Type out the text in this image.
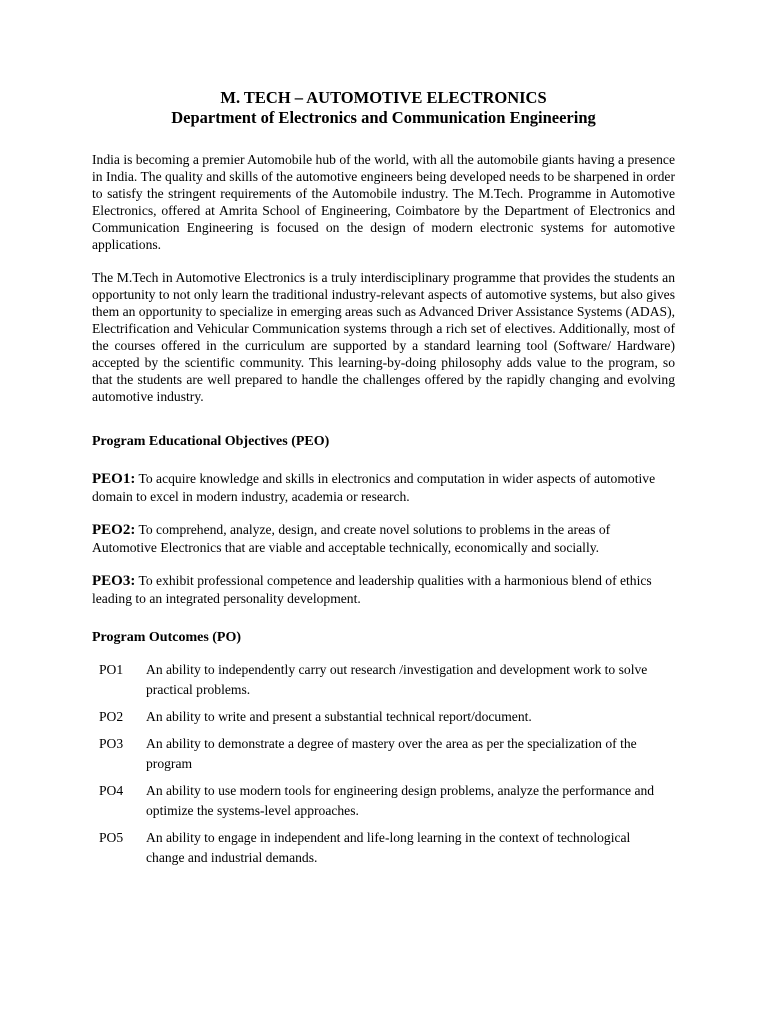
M. TECH – AUTOMOTIVE ELECTRONICS
Department of Electronics and Communication Engineering

India is becoming a premier Automobile hub of the world, with all the automobile giants having a presence in India. The quality and skills of the automotive engineers being developed needs to be sharpened in order to satisfy the stringent requirements of the Automobile industry. The M.Tech. Programme in Automotive Electronics, offered at Amrita School of Engineering, Coimbatore by the Department of Electronics and Communication Engineering is focused on the design of modern electronic systems for automotive applications.

The M.Tech in Automotive Electronics is a truly interdisciplinary programme that provides the students an opportunity to not only learn the traditional industry-relevant aspects of automotive systems, but also gives them an opportunity to specialize in emerging areas such as Advanced Driver Assistance Systems (ADAS), Electrification and Vehicular Communication systems through a rich set of electives. Additionally, most of the courses offered in the curriculum are supported by a standard learning tool (Software/ Hardware) accepted by the scientific community. This learning-by-doing philosophy adds value to the program, so that the students are well prepared to handle the challenges offered by the rapidly changing and evolving automotive industry.

Program Educational Objectives (PEO)
PEO1: To acquire knowledge and skills in electronics and computation in wider aspects of automotive domain to excel in modern industry, academia or research.
PEO2: To comprehend, analyze, design, and create novel solutions to problems in the areas of Automotive Electronics that are viable and acceptable technically, economically and socially.
PEO3: To exhibit professional competence and leadership qualities with a harmonious blend of ethics leading to an integrated personality development.
Program Outcomes (PO)
PO1	An ability to independently carry out research /investigation and development work to solve practical problems.
PO2	An ability to write and present a substantial technical report/document.
PO3	An ability to demonstrate a degree of mastery over the area as per the specialization of the program
PO4	An ability to use modern tools for engineering design problems, analyze the performance and optimize the systems-level approaches.
PO5	An ability to engage in independent and life-long learning in the context of technological change and industrial demands.
